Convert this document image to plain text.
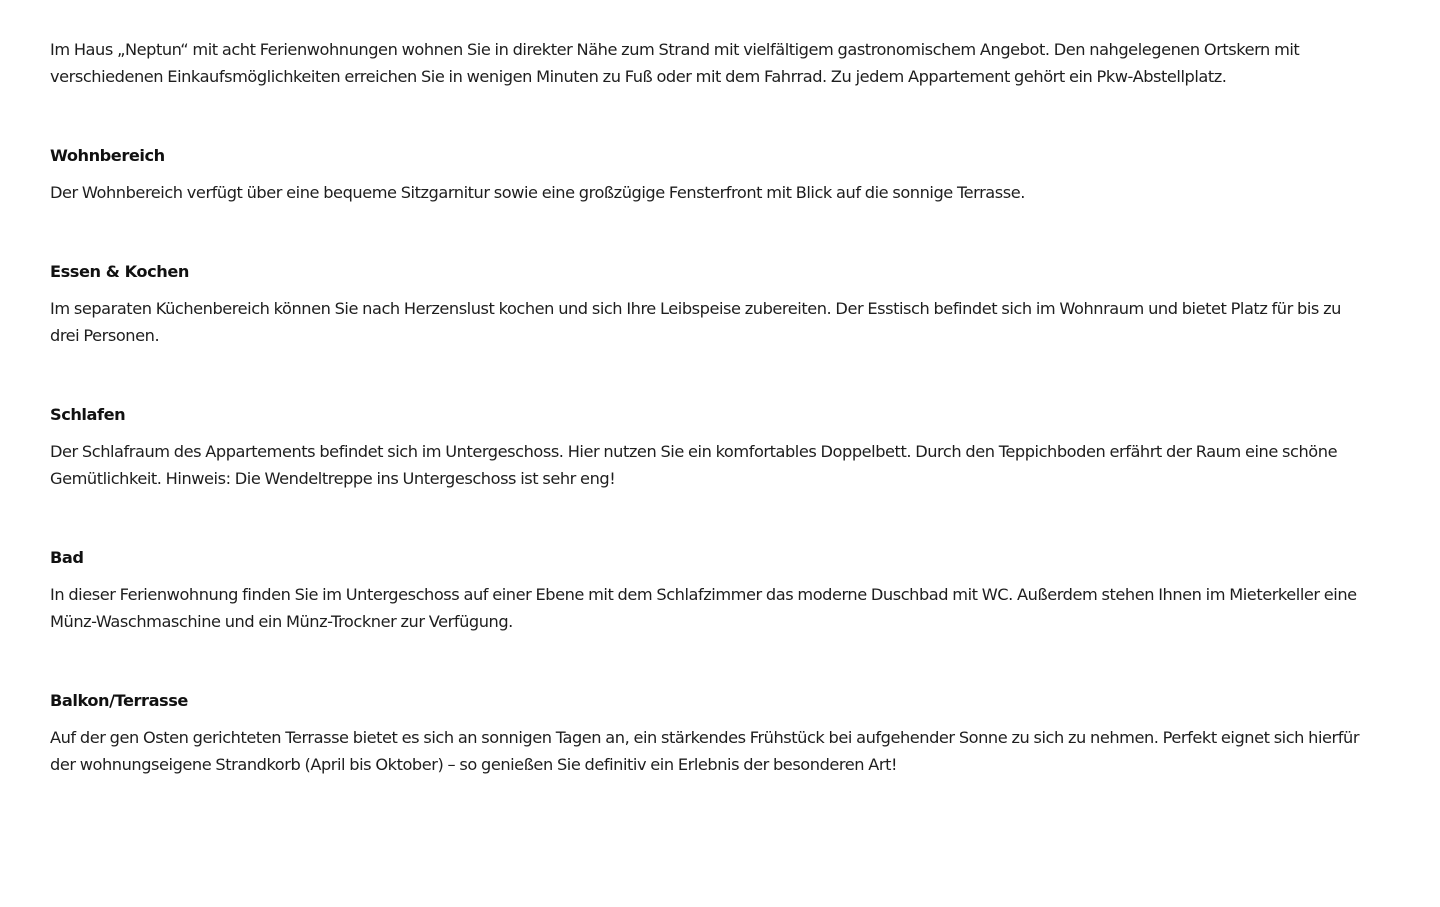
Im Haus „Neptun“ mit acht Ferienwohnungen wohnen Sie in direkter Nähe zum Strand mit vielfältigem gastronomischem Angebot. Den nahgelegenen Ortskern mit verschiedenen Einkaufsmöglichkeiten erreichen Sie in wenigen Minuten zu Fuß oder mit dem Fahrrad. Zu jedem Appartement gehört ein Pkw-Abstellplatz.

Wohnbereich

Der Wohnbereich verfügt über eine bequeme Sitzgarnitur sowie eine großzügige Fensterfront mit Blick auf die sonnige Terrasse.

Essen & Kochen

Im separaten Küchenbereich können Sie nach Herzenslust kochen und sich Ihre Leibspeise zubereiten. Der Esstisch befindet sich im Wohnraum und bietet Platz für bis zu drei Personen.

Schlafen

Der Schlafraum des Appartements befindet sich im Untergeschoss. Hier nutzen Sie ein komfortables Doppelbett. Durch den Teppichboden erfährt der Raum eine schöne Gemütlichkeit. Hinweis: Die Wendeltreppe ins Untergeschoss ist sehr eng!

Bad

In dieser Ferienwohnung finden Sie im Untergeschoss auf einer Ebene mit dem Schlafzimmer das moderne Duschbad mit WC. Außerdem stehen Ihnen im Mieterkeller eine Münz-Waschmaschine und ein Münz-Trockner zur Verfügung.

Balkon/Terrasse

Auf der gen Osten gerichteten Terrasse bietet es sich an sonnigen Tagen an, ein stärkendes Frühstück bei aufgehender Sonne zu sich zu nehmen. Perfekt eignet sich hierfür der wohnungseigene Strandkorb (April bis Oktober) – so genießen Sie definitiv ein Erlebnis der besonderen Art!
